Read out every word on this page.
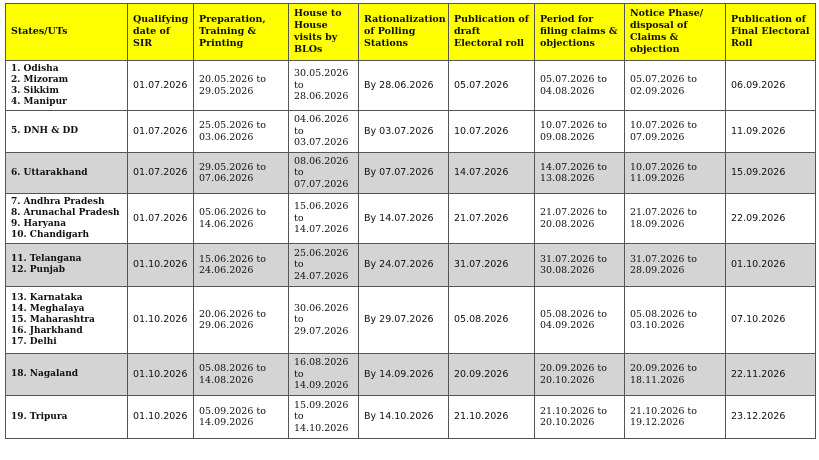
States/UTs	Qualifying date of SIR	Preparation, Training & Printing	House to House visits by BLOs	Rationalization of Polling Stations	Publication of draft Electoral roll	Period for filing claims & objections	Notice Phase/ disposal of Claims & objection	Publication of Final Electoral Roll

1. Odisha
2. Mizoram
3. Sikkim
4. Manipur	01.07.2026	20.05.2026 to
29.05.2026	30.05.2026
to
28.06.2026	By 28.06.2026	05.07.2026	05.07.2026 to
04.08.2026	05.07.2026 to
02.09.2026	06.09.2026

5. DNH & DD	01.07.2026	25.05.2026 to
03.06.2026	04.06.2026
to
03.07.2026	By 03.07.2026	10.07.2026	10.07.2026 to
09.08.2026	10.07.2026 to
07.09.2026	11.09.2026

6. Uttarakhand	01.07.2026	29.05.2026 to
07.06.2026	08.06.2026
to
07.07.2026	By 07.07.2026	14.07.2026	14.07.2026 to
13.08.2026	10.07.2026 to
11.09.2026	15.09.2026

7. Andhra Pradesh
8. Arunachal Pradesh
9. Haryana
10. Chandigarh	01.07.2026	05.06.2026 to
14.06.2026	15.06.2026
to
14.07.2026	By 14.07.2026	21.07.2026	21.07.2026 to
20.08.2026	21.07.2026 to
18.09.2026	22.09.2026

11. Telangana
12. Punjab	01.10.2026	15.06.2026 to
24.06.2026	25.06.2026
to
24.07.2026	By 24.07.2026	31.07.2026	31.07.2026 to
30.08.2026	31.07.2026 to
28.09.2026	01.10.2026

13. Karnataka
14. Meghalaya
15. Maharashtra
16. Jharkhand
17. Delhi	01.10.2026	20.06.2026 to
29.06.2026	30.06.2026
to
29.07.2026	By 29.07.2026	05.08.2026	05.08.2026 to
04.09.2026	05.08.2026 to
03.10.2026	07.10.2026

18. Nagaland	01.10.2026	05.08.2026 to
14.08.2026	16.08.2026
to
14.09.2026	By 14.09.2026	20.09.2026	20.09.2026 to
20.10.2026	20.09.2026 to
18.11.2026	22.11.2026

19. Tripura	01.10.2026	05.09.2026 to
14.09.2026	15.09.2026
to
14.10.2026	By 14.10.2026	21.10.2026	21.10.2026 to
20.10.2026	21.10.2026 to
19.12.2026	23.12.2026
